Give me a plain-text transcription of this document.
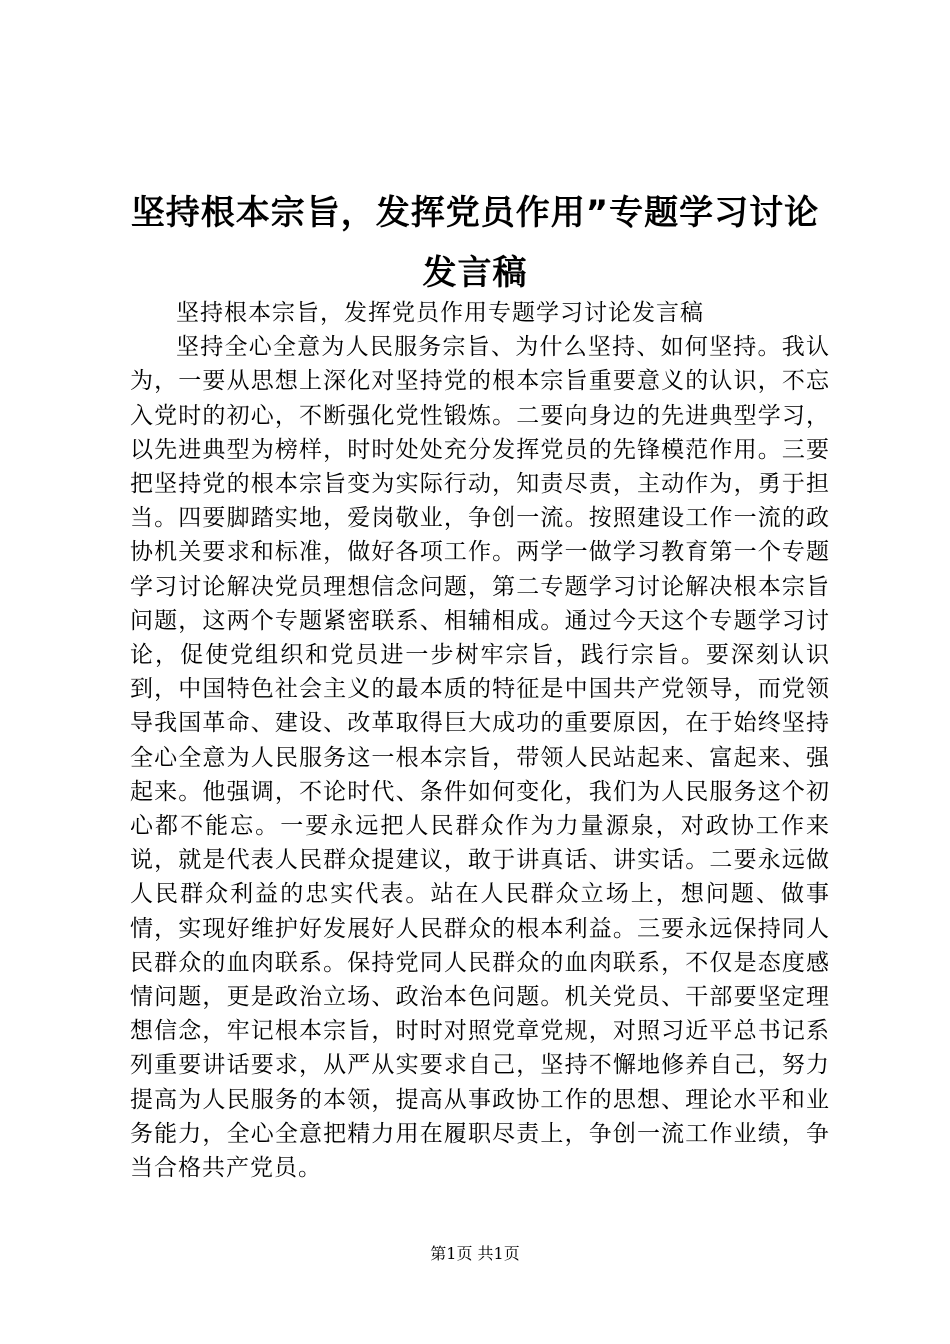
坚持根本宗旨，发挥党员作用”专题学习讨论
发言稿

坚持根本宗旨，发挥党员作用专题学习讨论发言稿

坚持全心全意为人民服务宗旨、为什么坚持、如何坚持。我认为，一要从思想上深化对坚持党的根本宗旨重要意义的认识，不忘入党时的初心，不断强化党性锻炼。二要向身边的先进典型学习，以先进典型为榜样，时时处处充分发挥党员的先锋模范作用。三要把坚持党的根本宗旨变为实际行动，知责尽责，主动作为，勇于担当。四要脚踏实地，爱岗敬业，争创一流。按照建设工作一流的政协机关要求和标准，做好各项工作。两学一做学习教育第一个专题学习讨论解决党员理想信念问题，第二专题学习讨论解决根本宗旨问题，这两个专题紧密联系、相辅相成。通过今天这个专题学习讨论，促使党组织和党员进一步树牢宗旨，践行宗旨。要深刻认识到，中国特色社会主义的最本质的特征是中国共产党领导，而党领导我国革命、建设、改革取得巨大成功的重要原因，在于始终坚持全心全意为人民服务这一根本宗旨，带领人民站起来、富起来、强起来。他强调，不论时代、条件如何变化，我们为人民服务这个初心都不能忘。一要永远把人民群众作为力量源泉，对政协工作来说，就是代表人民群众提建议，敢于讲真话、讲实话。二要永远做人民群众利益的忠实代表。站在人民群众立场上，想问题、做事情，实现好维护好发展好人民群众的根本利益。三要永远保持同人民群众的血肉联系。保持党同人民群众的血肉联系，不仅是态度感情问题，更是政治立场、政治本色问题。机关党员、干部要坚定理想信念，牢记根本宗旨，时时对照党章党规，对照习近平总书记系列重要讲话要求，从严从实要求自己，坚持不懈地修养自己，努力提高为人民服务的本领，提高从事政协工作的思想、理论水平和业务能力，全心全意把精力用在履职尽责上，争创一流工作业绩，争当合格共产党员。

第1页 共1页
